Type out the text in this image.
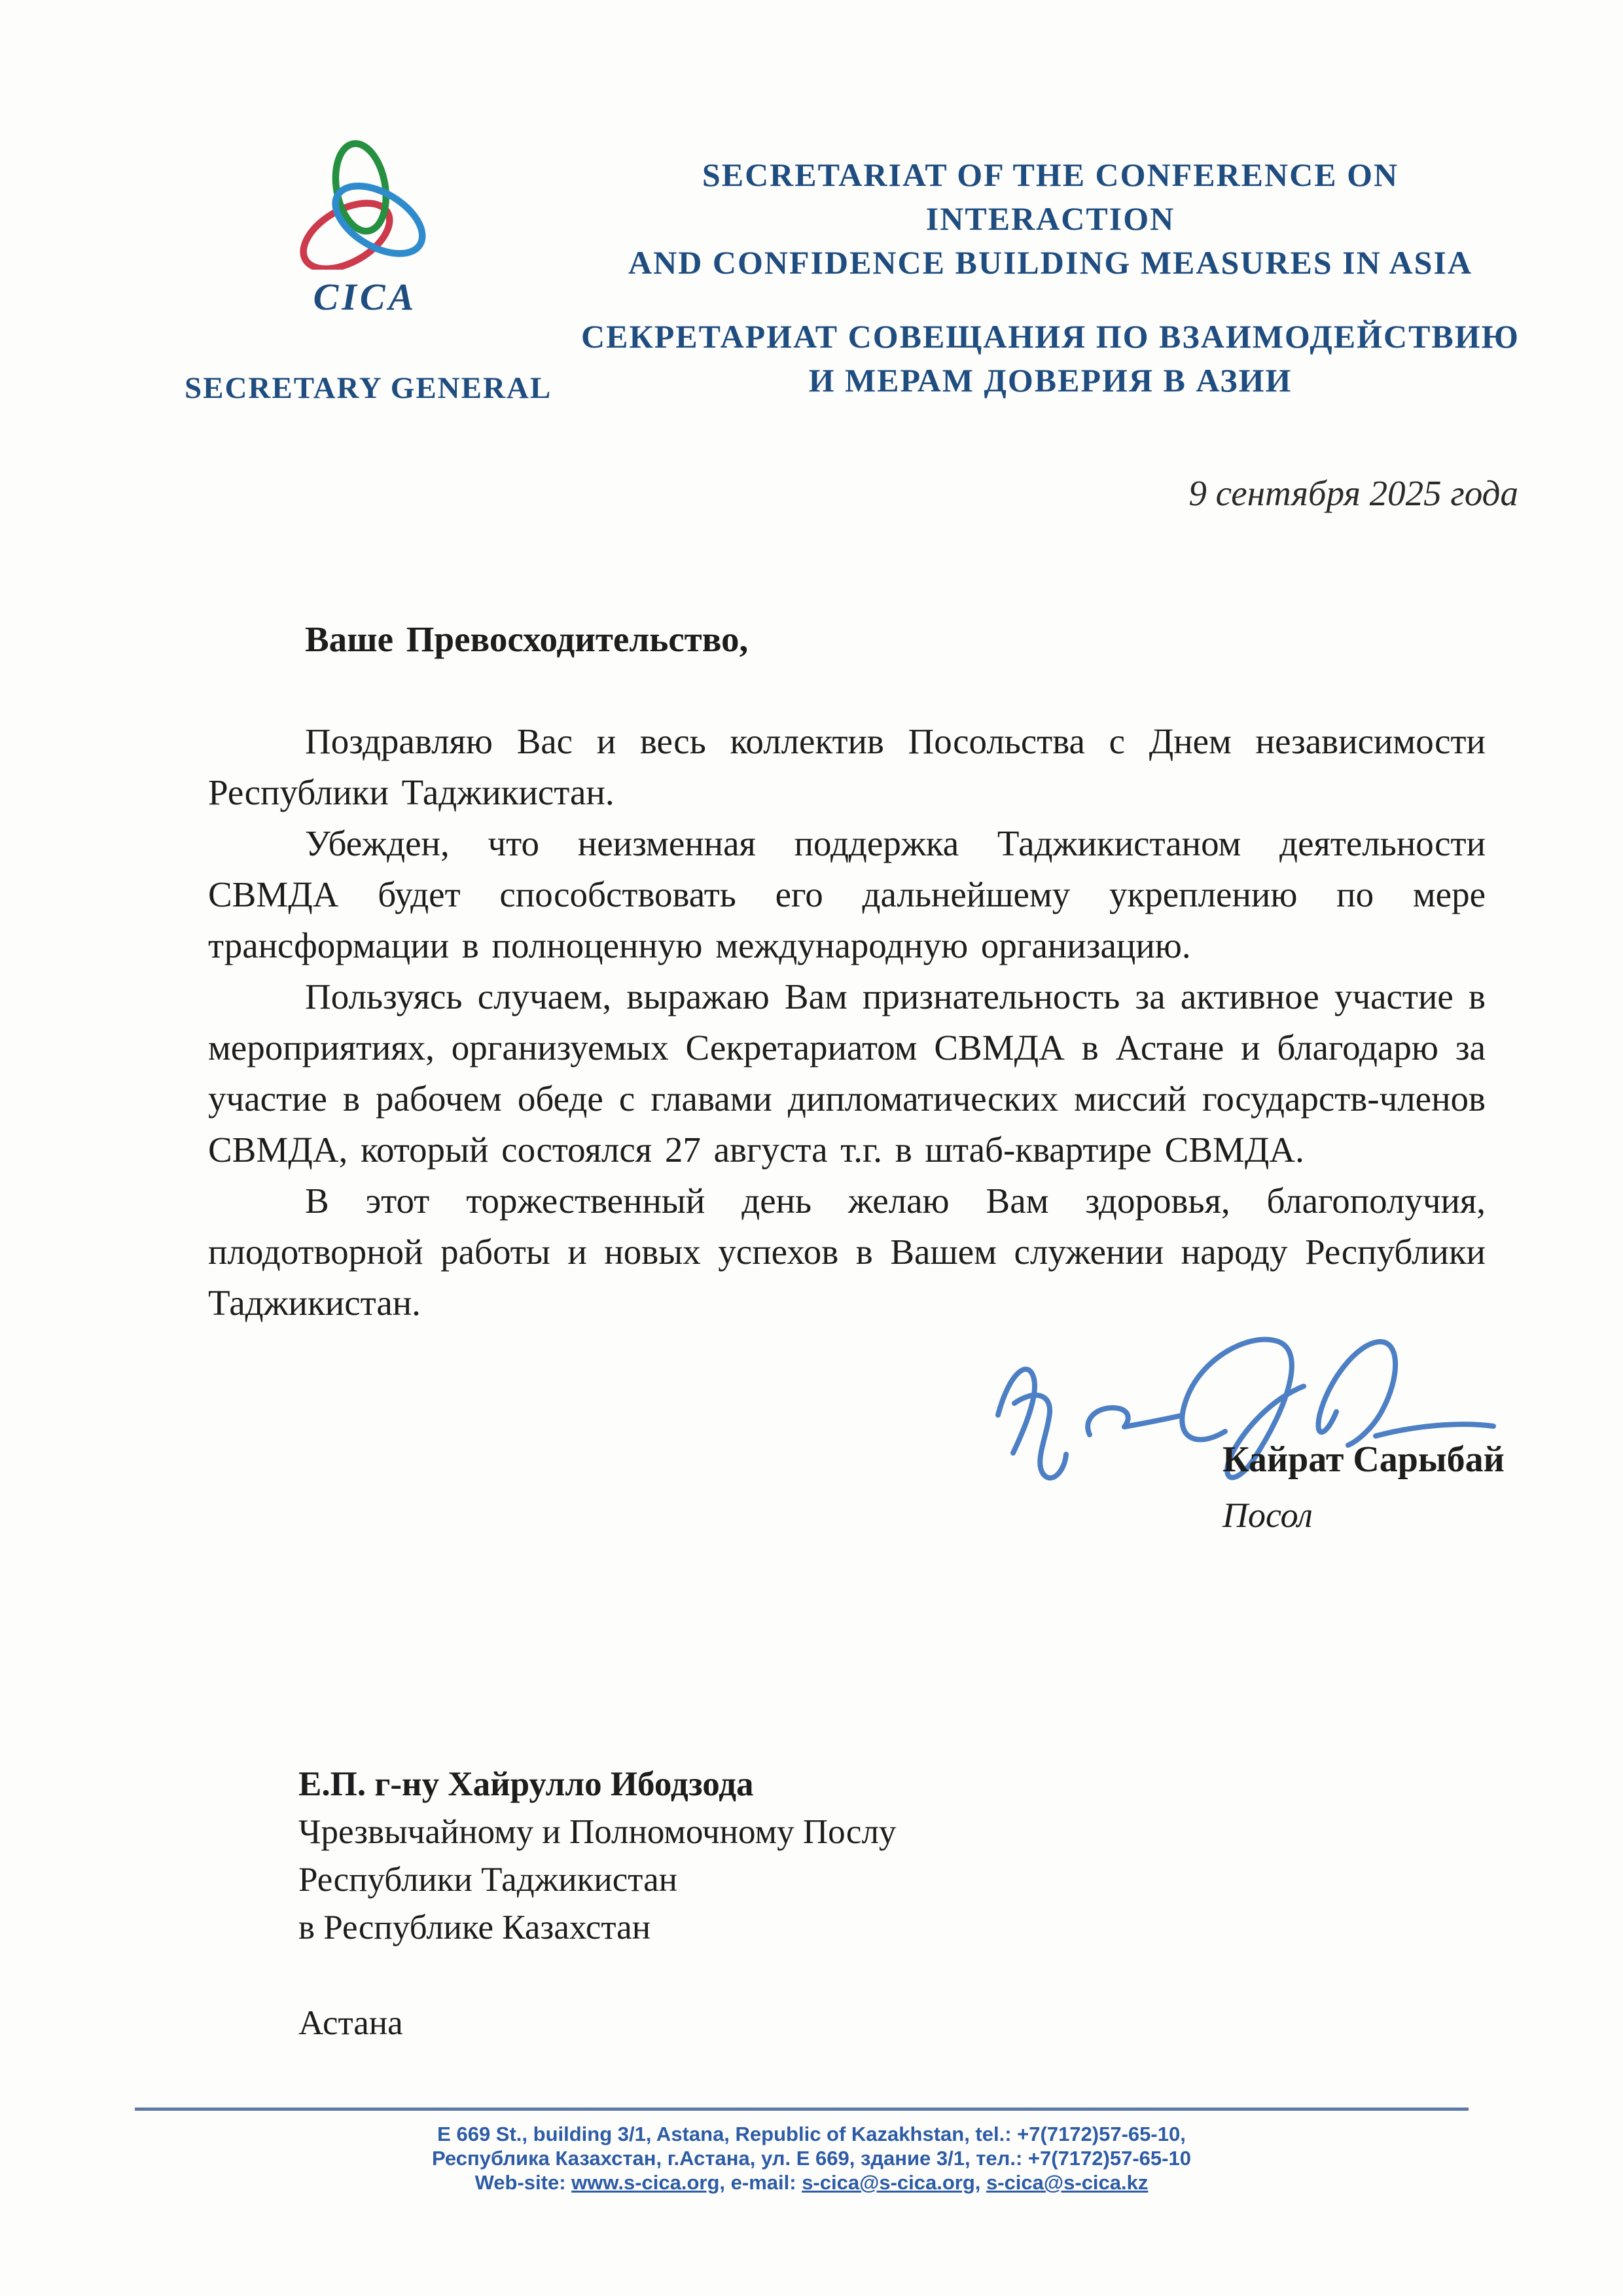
CICA
SECRETARY GENERAL
SECRETARIAT OF THE CONFERENCE ON INTERACTION
AND CONFIDENCE BUILDING MEASURES IN ASIA
СЕКРЕТАРИАТ СОВЕЩАНИЯ ПО ВЗАИМОДЕЙСТВИЮ
И МЕРАМ ДОВЕРИЯ В АЗИИ
9 сентября 2025 года
Ваше Превосходительство,

Поздравляю Вас и весь коллектив Посольства с Днем независимости Республики Таджикистан.

Убежден, что неизменная поддержка Таджикистаном деятельности СВМДА будет способствовать его дальнейшему укреплению по мере трансформации в полноценную международную организацию.

Пользуясь случаем, выражаю Вам признательность за активное участие в мероприятиях, организуемых Секретариатом СВМДА в Астане и благодарю за участие в рабочем обеде с главами дипломатических миссий государств-членов СВМДА, который состоялся 27 августа т.г. в штаб-квартире СВМДА.

В этот торжественный день желаю Вам здоровья, благополучия, плодотворной работы и новых успехов в Вашем служении народу Республики Таджикистан.

Кайрат Сарыбай
Посол
Е.П. г-ну Хайрулло Ибодзода
Чрезвычайному и Полномочному Послу
Республики Таджикистан
в Республике Казахстан
Астана
E 669 St., building 3/1, Astana, Republic of Kazakhstan, tel.: +7(7172)57-65-10,
Республика Казахстан, г.Астана, ул. Е 669, здание 3/1, тел.: +7(7172)57-65-10
Web-site: www.s-cica.org, e-mail: s-cica@s-cica.org, s-cica@s-cica.kz
